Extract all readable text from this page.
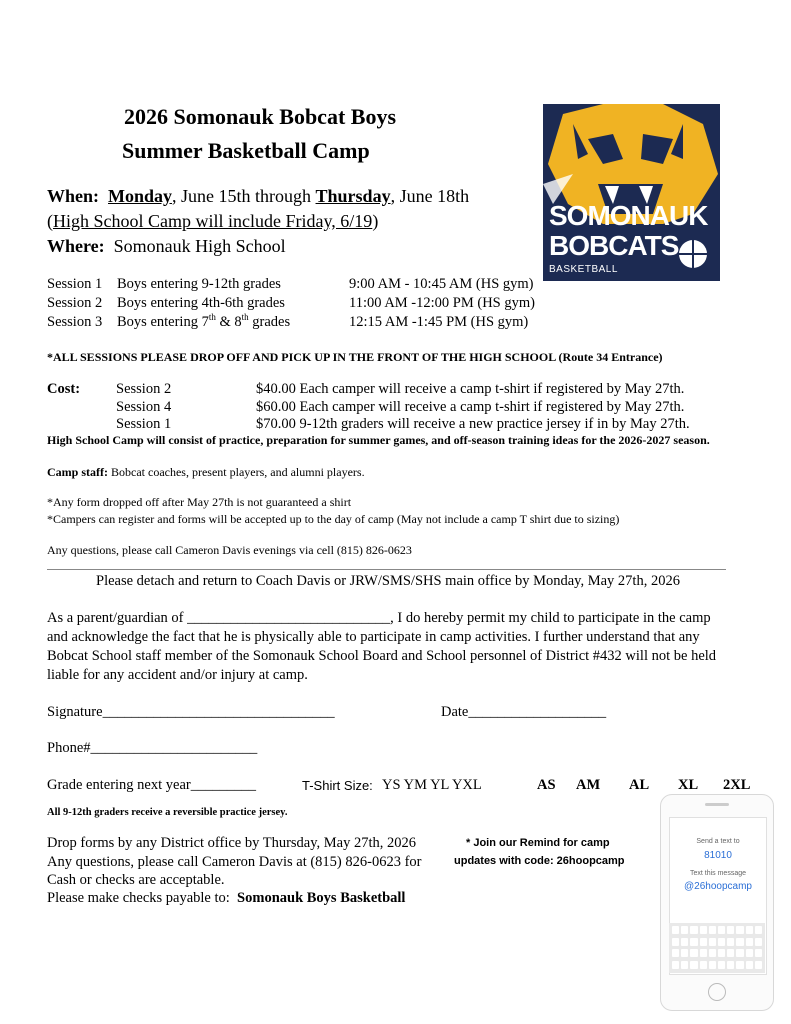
2026 Somonauk Bobcat Boys
Summer Basketball Camp
SOMONAUK
BOBCATS
BASKETBALL
When: Monday, June 15th through Thursday, June 18th
(High School Camp will include Friday, 6/19)
Where: Somonauk High School
Session 1 Boys entering 9-12th grades	9:00 AM - 10:45 AM (HS gym)
Session 2 Boys entering 4th-6th grades	11:00 AM -12:00 PM (HS gym)
Session 3 Boys entering 7th & 8th grades	12:15 AM -1:45 PM (HS gym)
*ALL SESSIONS PLEASE DROP OFF AND PICK UP IN THE FRONT OF THE HIGH SCHOOL (Route 34 Entrance)
Cost: Session 2	$40.00 Each camper will receive a camp t-shirt if registered by May 27th.
Session 4	$60.00 Each camper will receive a camp t-shirt if registered by May 27th.
Session 1	$70.00 9-12th graders will receive a new practice jersey if in by May 27th.
High School Camp will consist of practice, preparation for summer games, and off-season training ideas for the 2026-2027 season.
Camp staff: Bobcat coaches, present players, and alumni players.
*Any form dropped off after May 27th is not guaranteed a shirt
*Campers can register and forms will be accepted up to the day of camp (May not include a camp T shirt due to sizing)
Any questions, please call Cameron Davis evenings via cell (815) 826-0623
Please detach and return to Coach Davis or JRW/SMS/SHS main office by Monday, May 27th, 2026
As a parent/guardian of ____________________________, I do hereby permit my child to participate in the camp
and acknowledge the fact that he is physically able to participate in camp activities. I further understand that any
Bobcat School staff member of the Somonauk School Board and School personnel of District #432 will not be held
liable for any accident and/or injury at camp.
Signature________________________________	Date___________________
Phone#_______________________
Grade entering next year_________	T-Shirt Size: YS YM YL YXL	AS AM AL XL 2XL
All 9-12th graders receive a reversible practice jersey.
Drop forms by any District office by Thursday, May 27th, 2026
Any questions, please call Cameron Davis at (815) 826-0623 for
Cash or checks are acceptable.
Please make checks payable to: Somonauk Boys Basketball
* Join our Remind for camp
updates with code: 26hoopcamp
Send a text to
81010
Text this message
@26hoopcamp
